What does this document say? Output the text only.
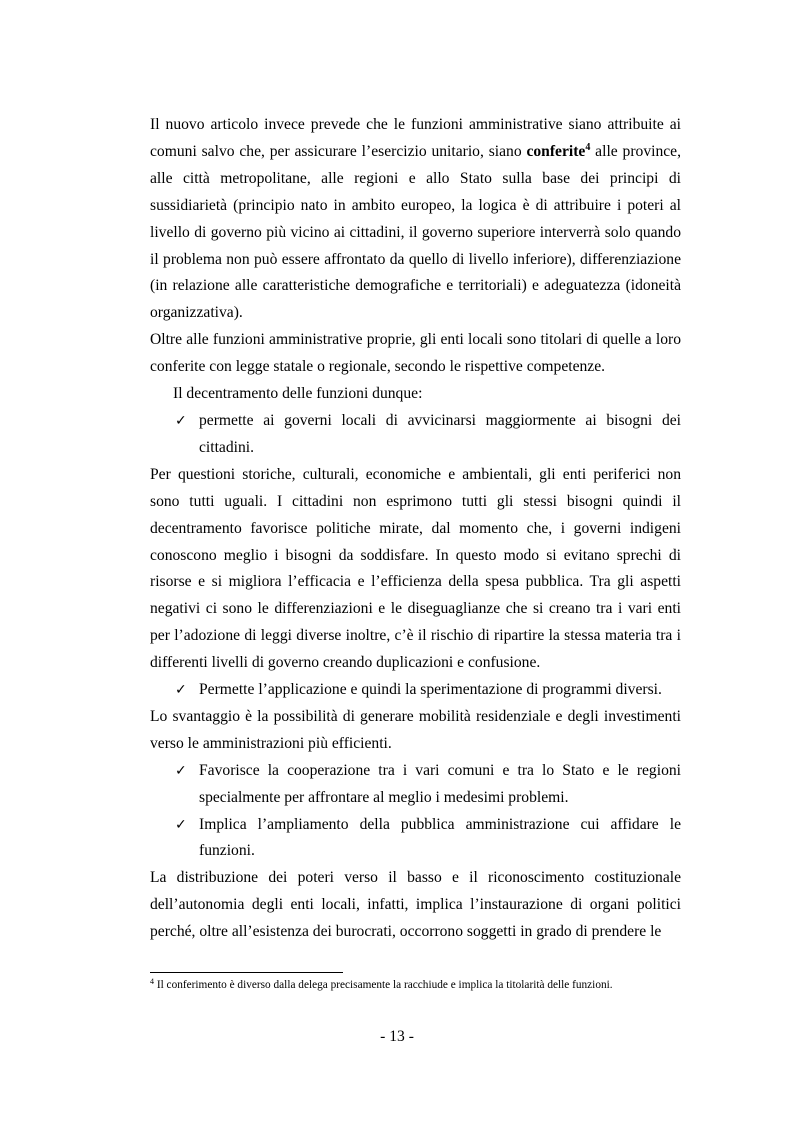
Il nuovo articolo invece prevede che le funzioni amministrative siano attribuite ai comuni salvo che, per assicurare l’esercizio unitario, siano conferite$^4$ alle province, alle città metropolitane, alle regioni e allo Stato sulla base dei principi di sussidiarietà (principio nato in ambito europeo, la logica è di attribuire i poteri al livello di governo più vicino ai cittadini, il governo superiore interverrà solo quando il problema non può essere affrontato da quello di livello inferiore), differenziazione (in relazione alle caratteristiche demografiche e territoriali) e adeguatezza (idoneità organizzativa).

Oltre alle funzioni amministrative proprie, gli enti locali sono titolari di quelle a loro conferite con legge statale o regionale, secondo le rispettive competenze.

Il decentramento delle funzioni dunque:

✓ permette ai governi locali di avvicinarsi maggiormente ai bisogni dei cittadini.

Per questioni storiche, culturali, economiche e ambientali, gli enti periferici non sono tutti uguali. I cittadini non esprimono tutti gli stessi bisogni quindi il decentramento favorisce politiche mirate, dal momento che, i governi indigeni conoscono meglio i bisogni da soddisfare. In questo modo si evitano sprechi di risorse e si migliora l’efficacia e l’efficienza della spesa pubblica. Tra gli aspetti negativi ci sono le differenziazioni e le diseguaglianze che si creano tra i vari enti per l’adozione di leggi diverse inoltre, c’è il rischio di ripartire la stessa materia tra i differenti livelli di governo creando duplicazioni e confusione.

✓ Permette l’applicazione e quindi la sperimentazione di programmi diversi.

Lo svantaggio è la possibilità di generare mobilità residenziale e degli investimenti verso le amministrazioni più efficienti.

✓ Favorisce la cooperazione tra i vari comuni e tra lo Stato e le regioni specialmente per affrontare al meglio i medesimi problemi.

✓ Implica l’ampliamento della pubblica amministrazione cui affidare le funzioni.

La distribuzione dei poteri verso il basso e il riconoscimento costituzionale dell’autonomia degli enti locali, infatti, implica l’instaurazione di organi politici perché, oltre all’esistenza dei burocrati, occorrono soggetti in grado di prendere le

$^4$ Il conferimento è diverso dalla delega precisamente la racchiude e implica la titolarità delle funzioni.
- 13 -
